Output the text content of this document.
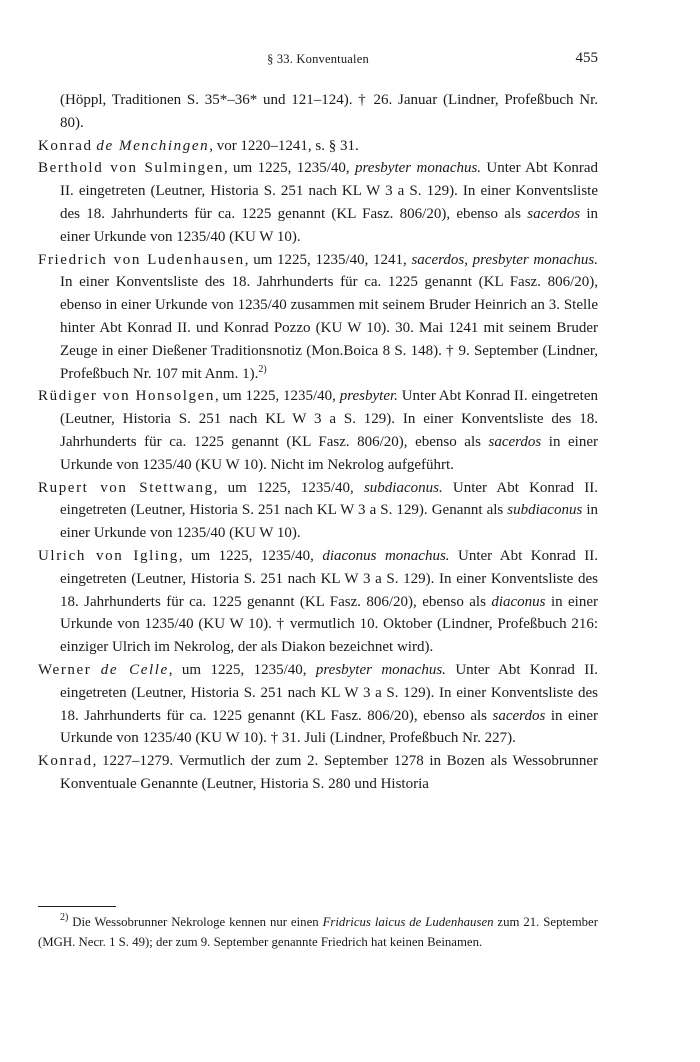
§ 33. Konventualen	455

(Höppl, Traditionen S. 35*–36* und 121–124). † 26. Januar (Lindner, Profeßbuch Nr. 80).

Konrad de Menchingen, vor 1220–1241, s. § 31.

Berthold von Sulmingen, um 1225, 1235/40, presbyter monachus. Unter Abt Konrad II. eingetreten (Leutner, Historia S. 251 nach KL W 3 a S. 129). In einer Konventsliste des 18. Jahrhunderts für ca. 1225 genannt (KL Fasz. 806/20), ebenso als sacerdos in einer Urkunde von 1235/40 (KU W 10).

Friedrich von Ludenhausen, um 1225, 1235/40, 1241, sacerdos, presbyter monachus. In einer Konventsliste des 18. Jahrhunderts für ca. 1225 genannt (KL Fasz. 806/20), ebenso in einer Urkunde von 1235/40 zusammen mit seinem Bruder Heinrich an 3. Stelle hinter Abt Konrad II. und Konrad Pozzo (KU W 10). 30. Mai 1241 mit seinem Bruder Zeuge in einer Dießener Traditionsnotiz (Mon.Boica 8 S. 148). † 9. September (Lindner, Profeßbuch Nr. 107 mit Anm. 1).$^{2)}$

Rüdiger von Honsolgen, um 1225, 1235/40, presbyter. Unter Abt Konrad II. eingetreten (Leutner, Historia S. 251 nach KL W 3 a S. 129). In einer Konventsliste des 18. Jahrhunderts für ca. 1225 genannt (KL Fasz. 806/20), ebenso als sacerdos in einer Urkunde von 1235/40 (KU W 10). Nicht im Nekrolog aufgeführt.

Rupert von Stettwang, um 1225, 1235/40, subdiaconus. Unter Abt Konrad II. eingetreten (Leutner, Historia S. 251 nach KL W 3 a S. 129). Genannt als subdiaconus in einer Urkunde von 1235/40 (KU W 10).

Ulrich von Igling, um 1225, 1235/40, diaconus monachus. Unter Abt Konrad II. eingetreten (Leutner, Historia S. 251 nach KL W 3 a S. 129). In einer Konventsliste des 18. Jahrhunderts für ca. 1225 genannt (KL Fasz. 806/20), ebenso als diaconus in einer Urkunde von 1235/40 (KU W 10). † vermutlich 10. Oktober (Lindner, Profeßbuch 216: einziger Ulrich im Nekrolog, der als Diakon bezeichnet wird).

Werner de Celle, um 1225, 1235/40, presbyter monachus. Unter Abt Konrad II. eingetreten (Leutner, Historia S. 251 nach KL W 3 a S. 129). In einer Konventsliste des 18. Jahrhunderts für ca. 1225 genannt (KL Fasz. 806/20), ebenso als sacerdos in einer Urkunde von 1235/40 (KU W 10). † 31. Juli (Lindner, Profeßbuch Nr. 227).

Konrad, 1227–1279. Vermutlich der zum 2. September 1278 in Bozen als Wessobrunner Konventuale Genannte (Leutner, Historia S. 280 und Historia

$^{2)}$ Die Wessobrunner Nekrologe kennen nur einen Fridricus laicus de Ludenhausen zum 21. September (MGH. Necr. 1 S. 49); der zum 9. September genannte Friedrich hat keinen Beinamen.
